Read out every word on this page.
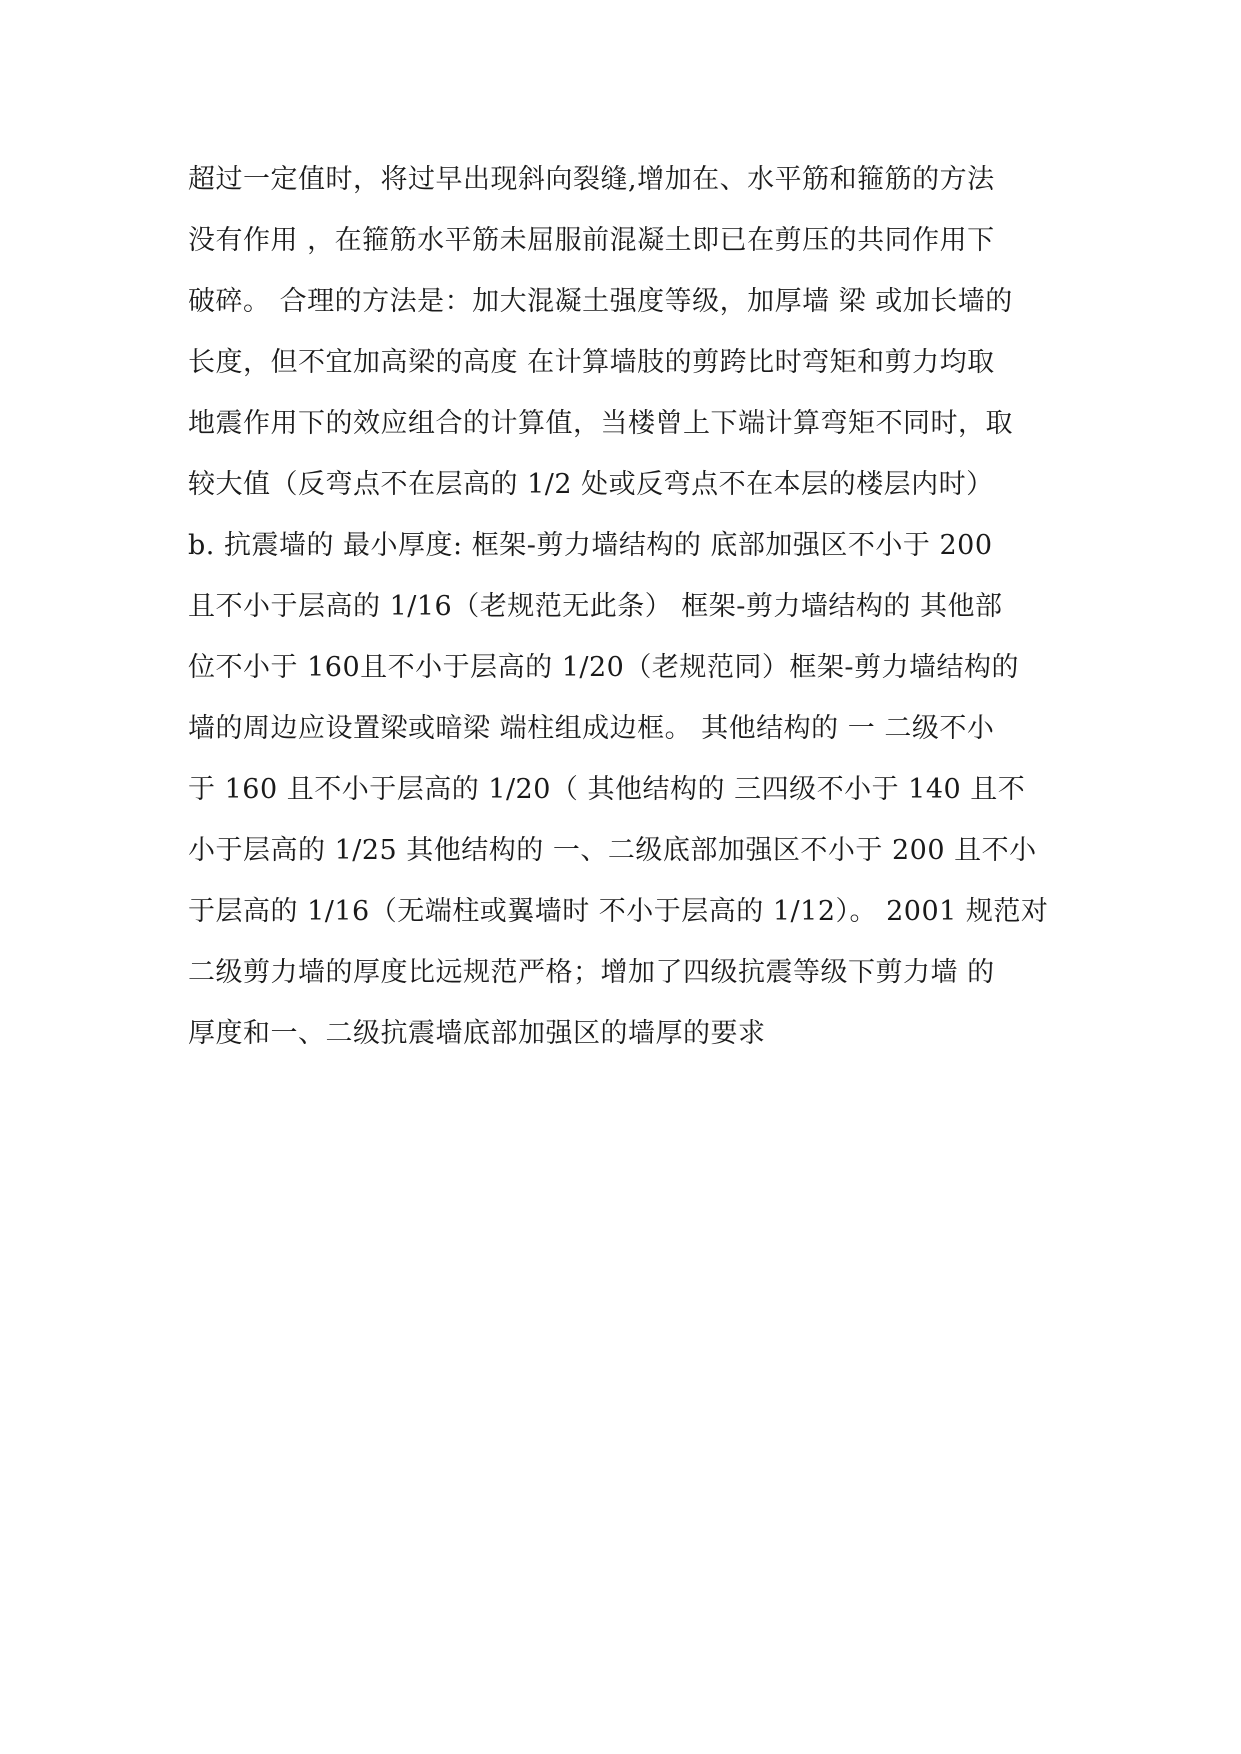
超过一定值时，将过早出现斜向裂缝,增加在、水平筋和箍筋的方法
没有作用 ，在箍筋水平筋未屈服前混凝土即已在剪压的共同作用下
破碎。 合理的方法是：加大混凝土强度等级，加厚墙 梁 或加长墙的
长度，但不宜加高梁的高度 在计算墙肢的剪跨比时弯矩和剪力均取
地震作用下的效应组合的计算值，当楼曾上下端计算弯矩不同时，取
较大值（反弯点不在层高的 1/2 处或反弯点不在本层的楼层内时）
b. 抗震墙的 最小厚度: 框架-剪力墙结构的 底部加强区不小于 200
且不小于层高的 1/16（老规范无此条） 框架-剪力墙结构的 其他部
位不小于 160且不小于层高的 1/20（老规范同）框架-剪力墙结构的
墙的周边应设置梁或暗梁 端柱组成边框。 其他结构的 一 二级不小
于 160 且不小于层高的 1/20（ 其他结构的 三四级不小于 140 且不
小于层高的 1/25 其他结构的 一、二级底部加强区不小于 200 且不小
于层高的 1/16（无端柱或翼墙时 不小于层高的 1/12）。 2001 规范对
二级剪力墙的厚度比远规范严格；增加了四级抗震等级下剪力墙 的
厚度和一、二级抗震墙底部加强区的墙厚的要求
